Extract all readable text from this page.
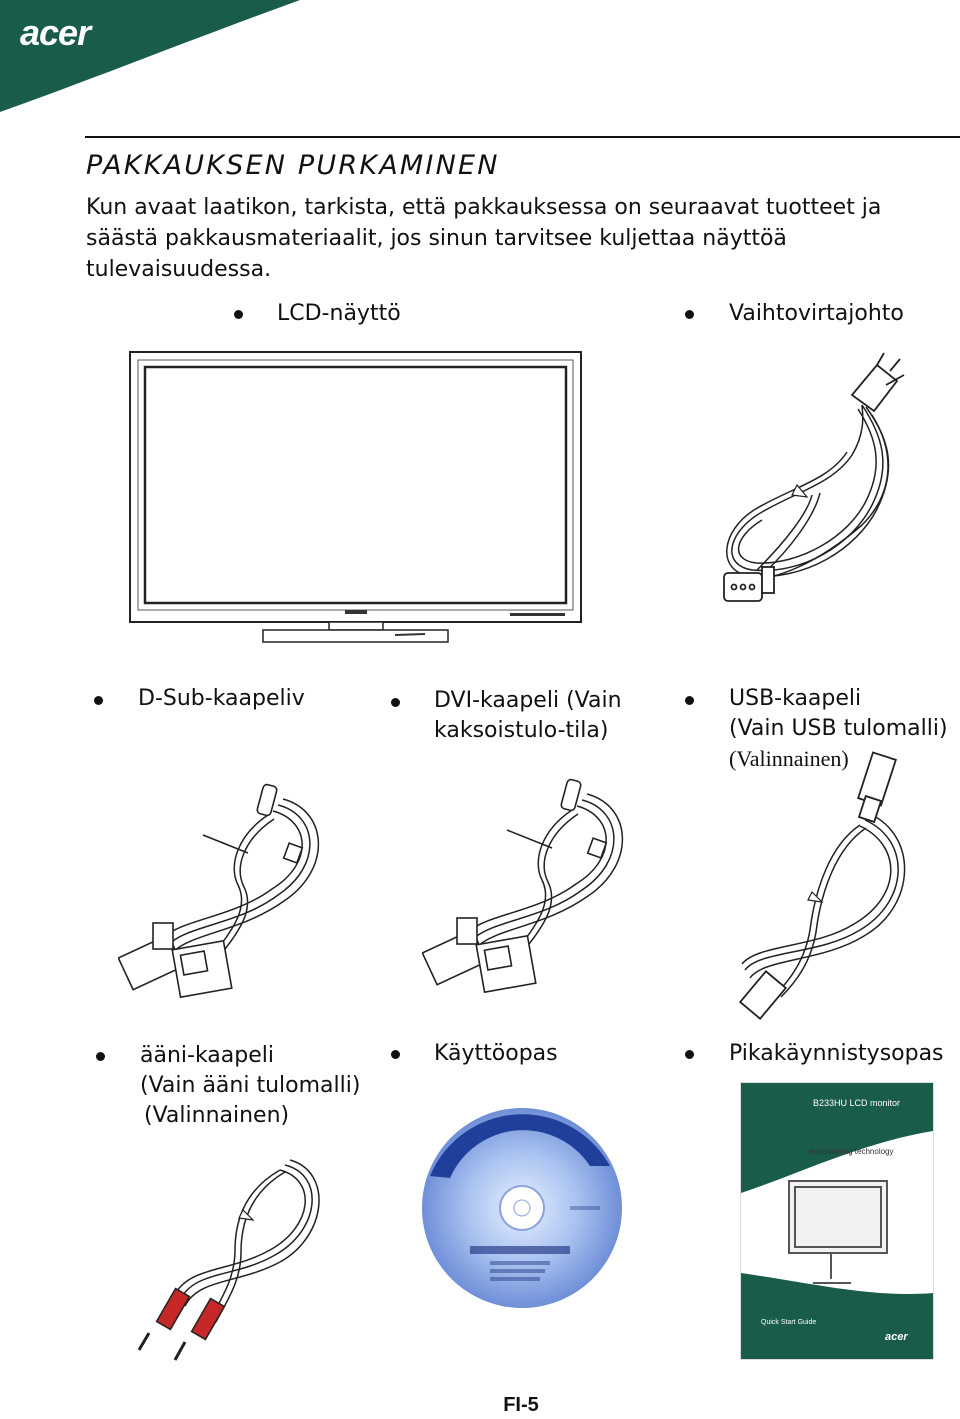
acer
PAKKAUKSEN PURKAMINEN
Kun avaat laatikon, tarkista, että pakkauksessa on seuraavat tuotteet ja
säästä pakkausmateriaalit, jos sinun tarvitsee kuljettaa näyttöä
tulevaisuudessa.
LCD-näyttö	Vaihtovirtajohto
D-Sub-kaapeliv	DVI-kaapeli (Vain
kaksoistulo-tila)
USB-kaapeli
(Vain USB tulomalli)
(Valinnainen)
ääni-kaapeli
(Vain ääni tulomalli)
(Valinnainen)
Käyttöopas	Pikakäynnistysopas
B233HU LCD monitor
empowering technology
Quick Start Guide
acer
FI-5
